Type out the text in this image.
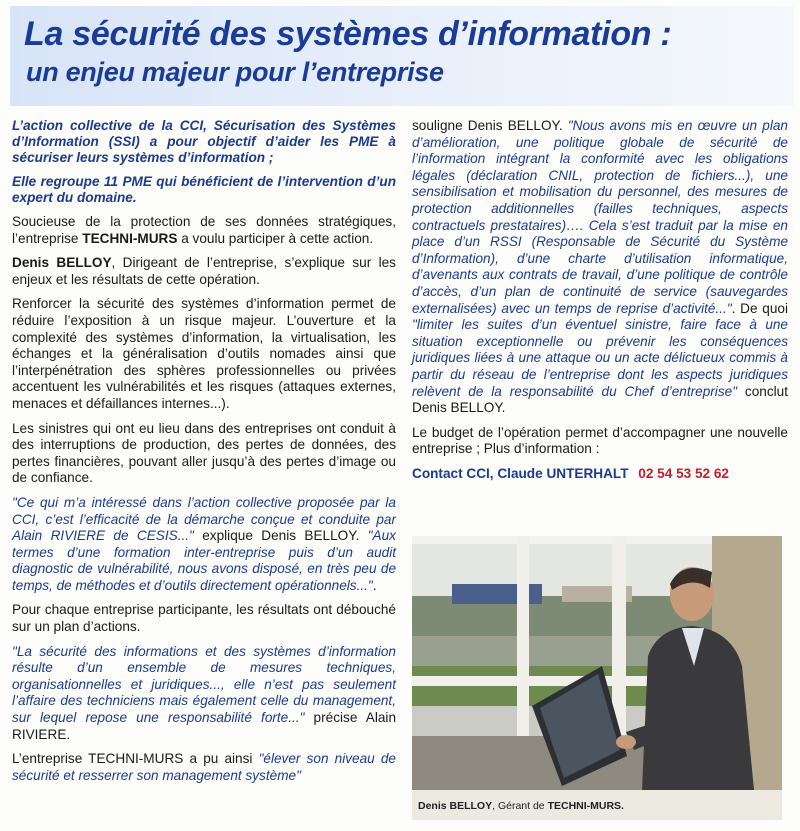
La sécurité des systèmes d’information :
un enjeu majeur pour l’entreprise

L’action collective de la CCI, Sécurisation des Systèmes d’Information (SSI) a pour objectif d’aider les PME à sécuriser leurs systèmes d’information ;

Elle regroupe 11 PME qui bénéficient de l’intervention d’un expert du domaine.

Soucieuse de la protection de ses données stratégiques, l’entreprise TECHNI-MURS a voulu participer à cette action.

Denis BELLOY, Dirigeant de l’entreprise, s’explique sur les enjeux et les résultats de cette opération.

Renforcer la sécurité des systèmes d’information permet de réduire l’exposition à un risque majeur. L’ouverture et la complexité des systèmes d’information, la virtualisation, les échanges et la généralisation d’outils nomades ainsi que l’interpénétration des sphères professionnelles ou privées accentuent les vulnérabilités et les risques (attaques externes, menaces et défaillances internes...).

Les sinistres qui ont eu lieu dans des entreprises ont conduit à des interruptions de production, des pertes de données, des pertes financières, pouvant aller jusqu’à des pertes d’image ou de confiance.

"Ce qui m’a intéressé dans l’action collective proposée par la CCI, c’est l’efficacité de la démarche conçue et conduite par Alain RIVIERE de CESIS..." explique Denis BELLOY. "Aux termes d’une formation inter-entreprise puis d’un audit diagnostic de vulnérabilité, nous avons disposé, en très peu de temps, de méthodes et d’outils directement opérationnels...".

Pour chaque entreprise participante, les résultats ont débouché sur un plan d’actions.

"La sécurité des informations et des systèmes d’information résulte d’un ensemble de mesures techniques, organisationnelles et juridiques..., elle n’est pas seulement l’affaire des techniciens mais également celle du management, sur lequel repose une responsabilité forte..." précise Alain RIVIERE.

L’entreprise TECHNI-MURS a pu ainsi "élever son niveau de sécurité et resserrer son management système"

souligne Denis BELLOY. "Nous avons mis en œuvre un plan d’amélioration, une politique globale de sécurité de l’information intégrant la conformité avec les obligations légales (déclaration CNIL, protection de fichiers...), une sensibilisation et mobilisation du personnel, des mesures de protection additionnelles (failles techniques, aspects contractuels prestataires)…. Cela s’est traduit par la mise en place d’un RSSI (Responsable de Sécurité du Système d’Information), d’une charte d’utilisation informatique, d’avenants aux contrats de travail, d’une politique de contrôle d’accès, d’un plan de continuité de service (sauvegardes externalisées) avec un temps de reprise d’activité...". De quoi "limiter les suites d’un éventuel sinistre, faire face à une situation exceptionnelle ou prévenir les conséquences juridiques liées à une attaque ou un acte délictueux commis à partir du réseau de l’entreprise dont les aspects juridiques relèvent de la responsabilité du Chef d’entreprise" conclut Denis BELLOY.

Le budget de l’opération permet d’accompagner une nouvelle entreprise ; Plus d’information :

Contact CCI, Claude UNTERHALT 02 54 53 52 62

Denis BELLOY, Gérant de TECHNI-MURS.
